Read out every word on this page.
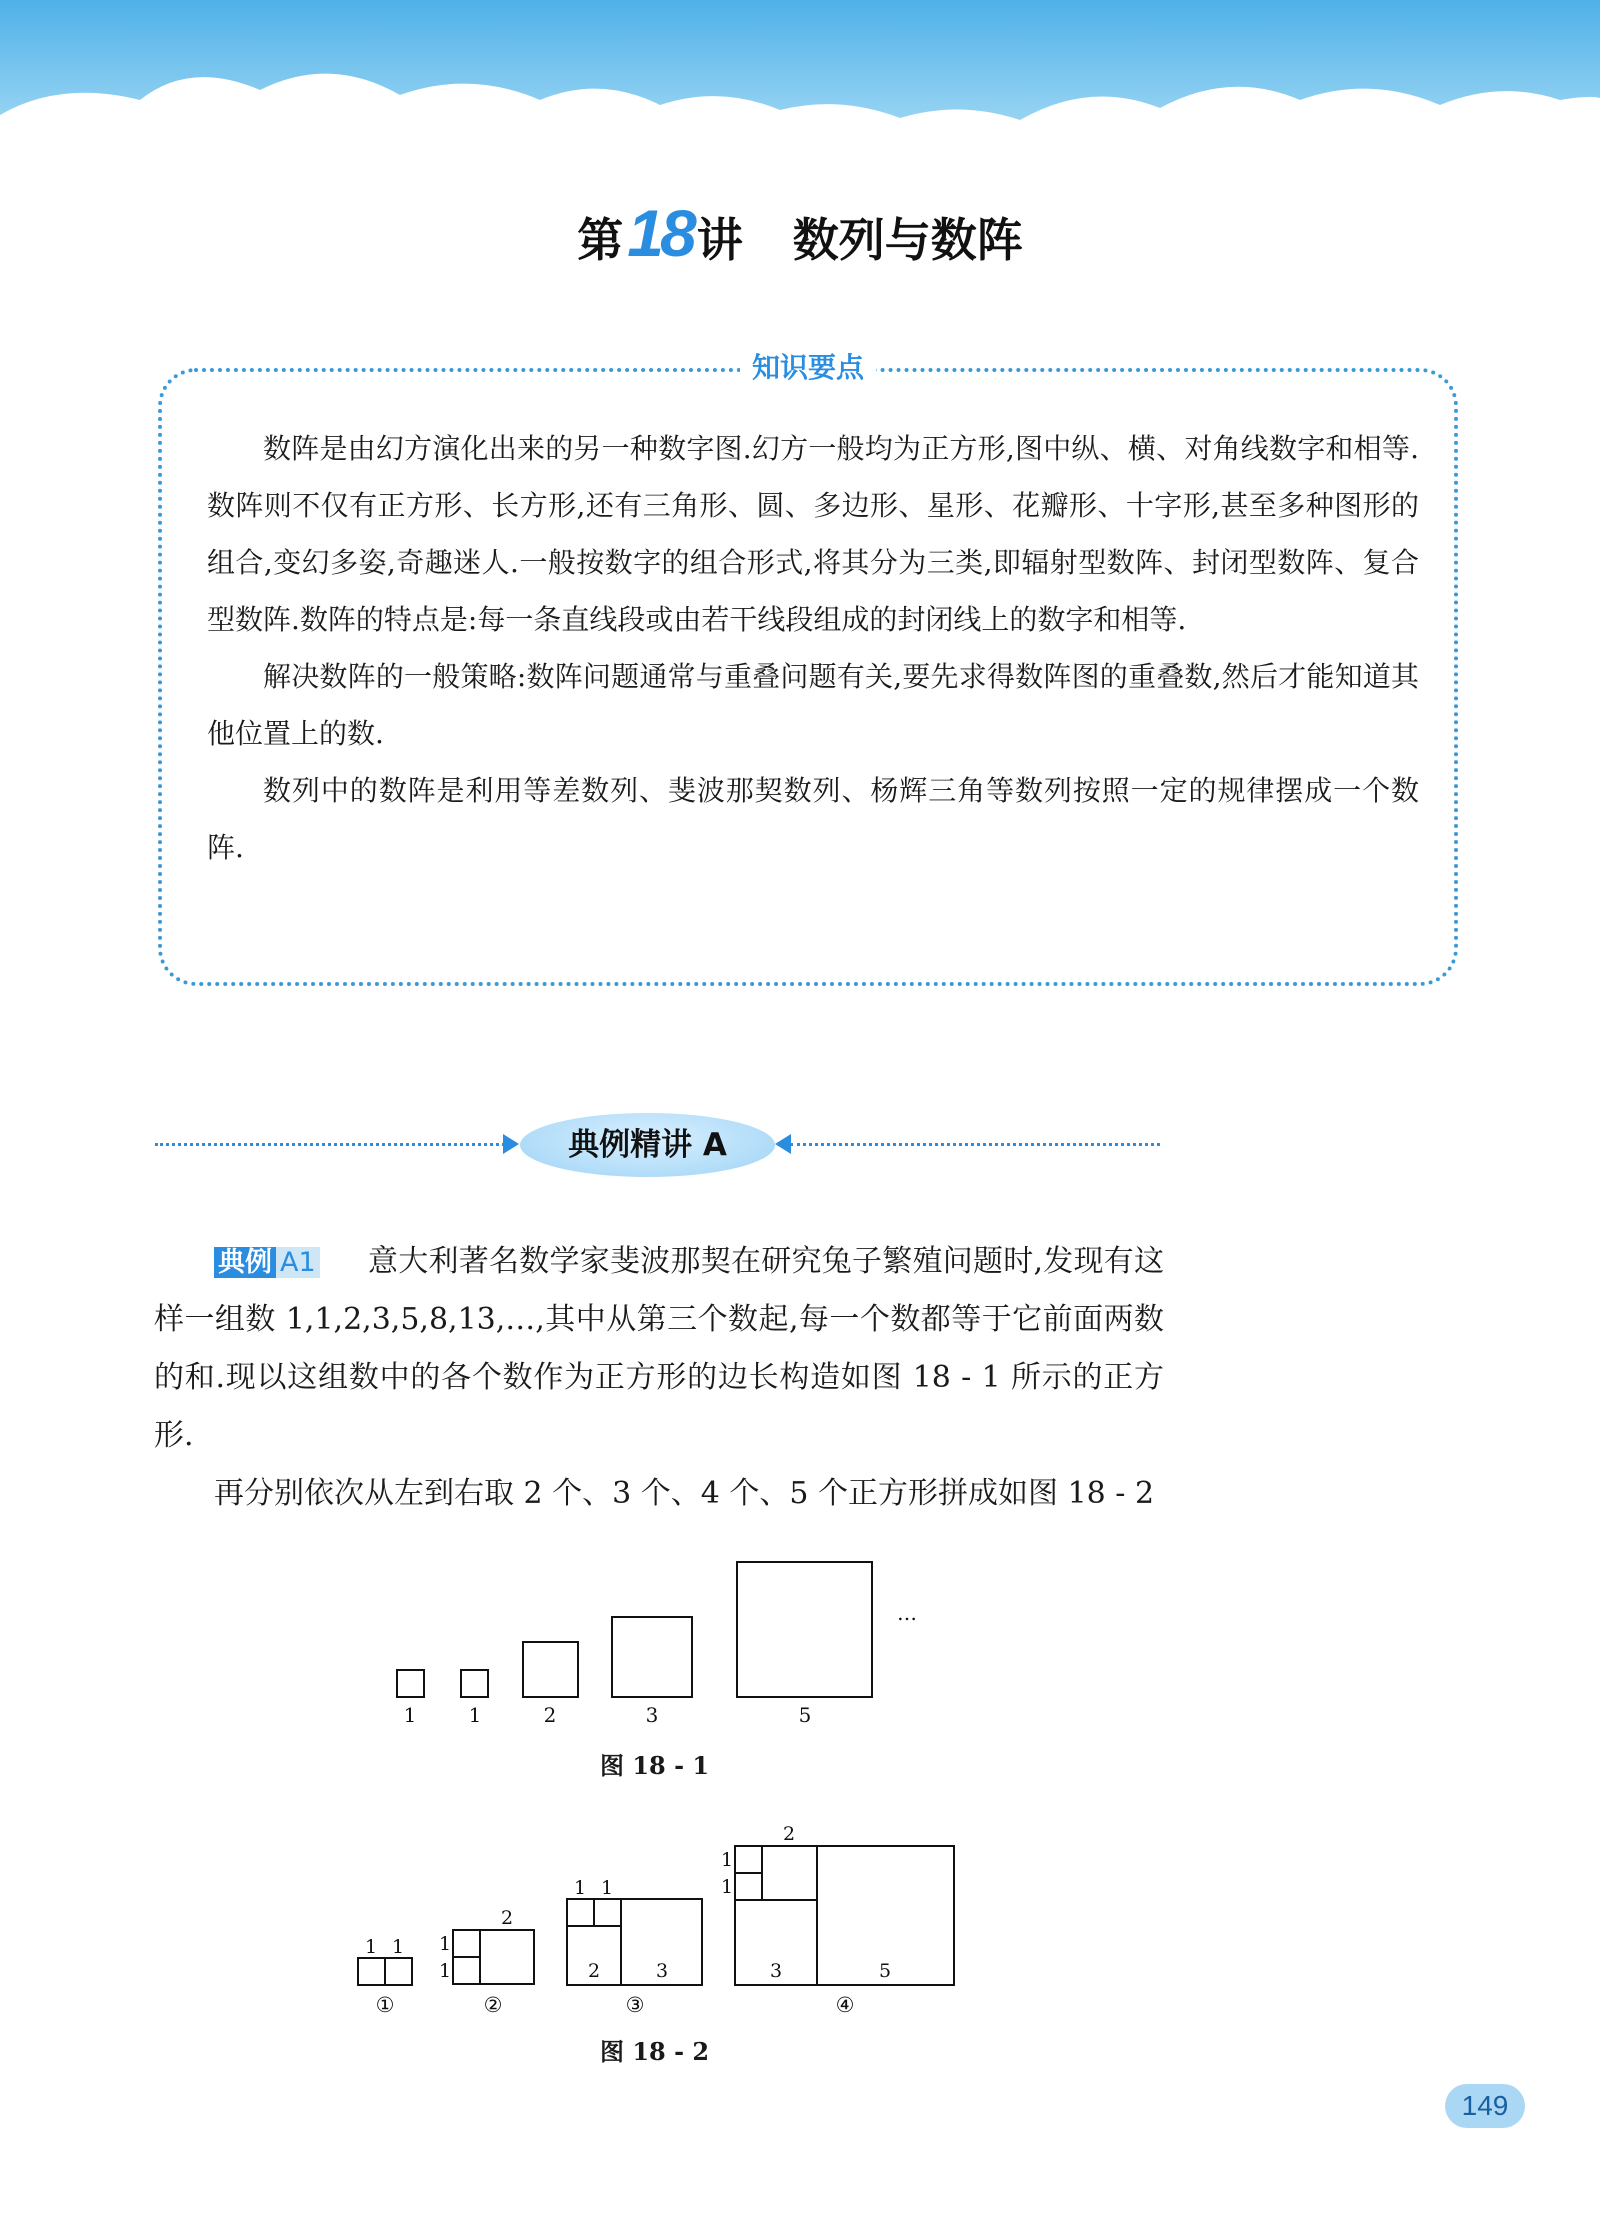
第18讲 数列与数阵
知识要点

数阵是由幻方演化出来的另一种数字图.幻方一般均为正方形,图中纵、横、对角线数字和相等.数阵则不仅有正方形、长方形,还有三角形、圆、多边形、星形、花瓣形、十字形,甚至多种图形的组合,变幻多姿,奇趣迷人.一般按数字的组合形式,将其分为三类,即辐射型数阵、封闭型数阵、复合型数阵.数阵的特点是:每一条直线段或由若干线段组成的封闭线上的数字和相等.

解决数阵的一般策略:数阵问题通常与重叠问题有关,要先求得数阵图的重叠数,然后才能知道其他位置上的数.

数列中的数阵是利用等差数列、斐波那契数列、杨辉三角等数列按照一定的规律摆成一个数阵.

典例精讲 A

意大利著名数学家斐波那契在研究兔子繁殖问题时,发现有这样一组数 1,1,2,3,5,8,13,…,其中从第三个数起,每一个数都等于它前面两数的和.现以这组数中的各个数作为正方形的边长构造如图 18 - 1 所示的正方形.

再分别依次从左到右取 2 个、3 个、4 个、5 个正方形拼成如图 18 - 2

典例 A1
1	1	2	3	5
…
图 18 - 1
1 1
2
1
1
1 1
2	3
2
1
1
3	5
①	②	③	④
图 18 - 2
149
